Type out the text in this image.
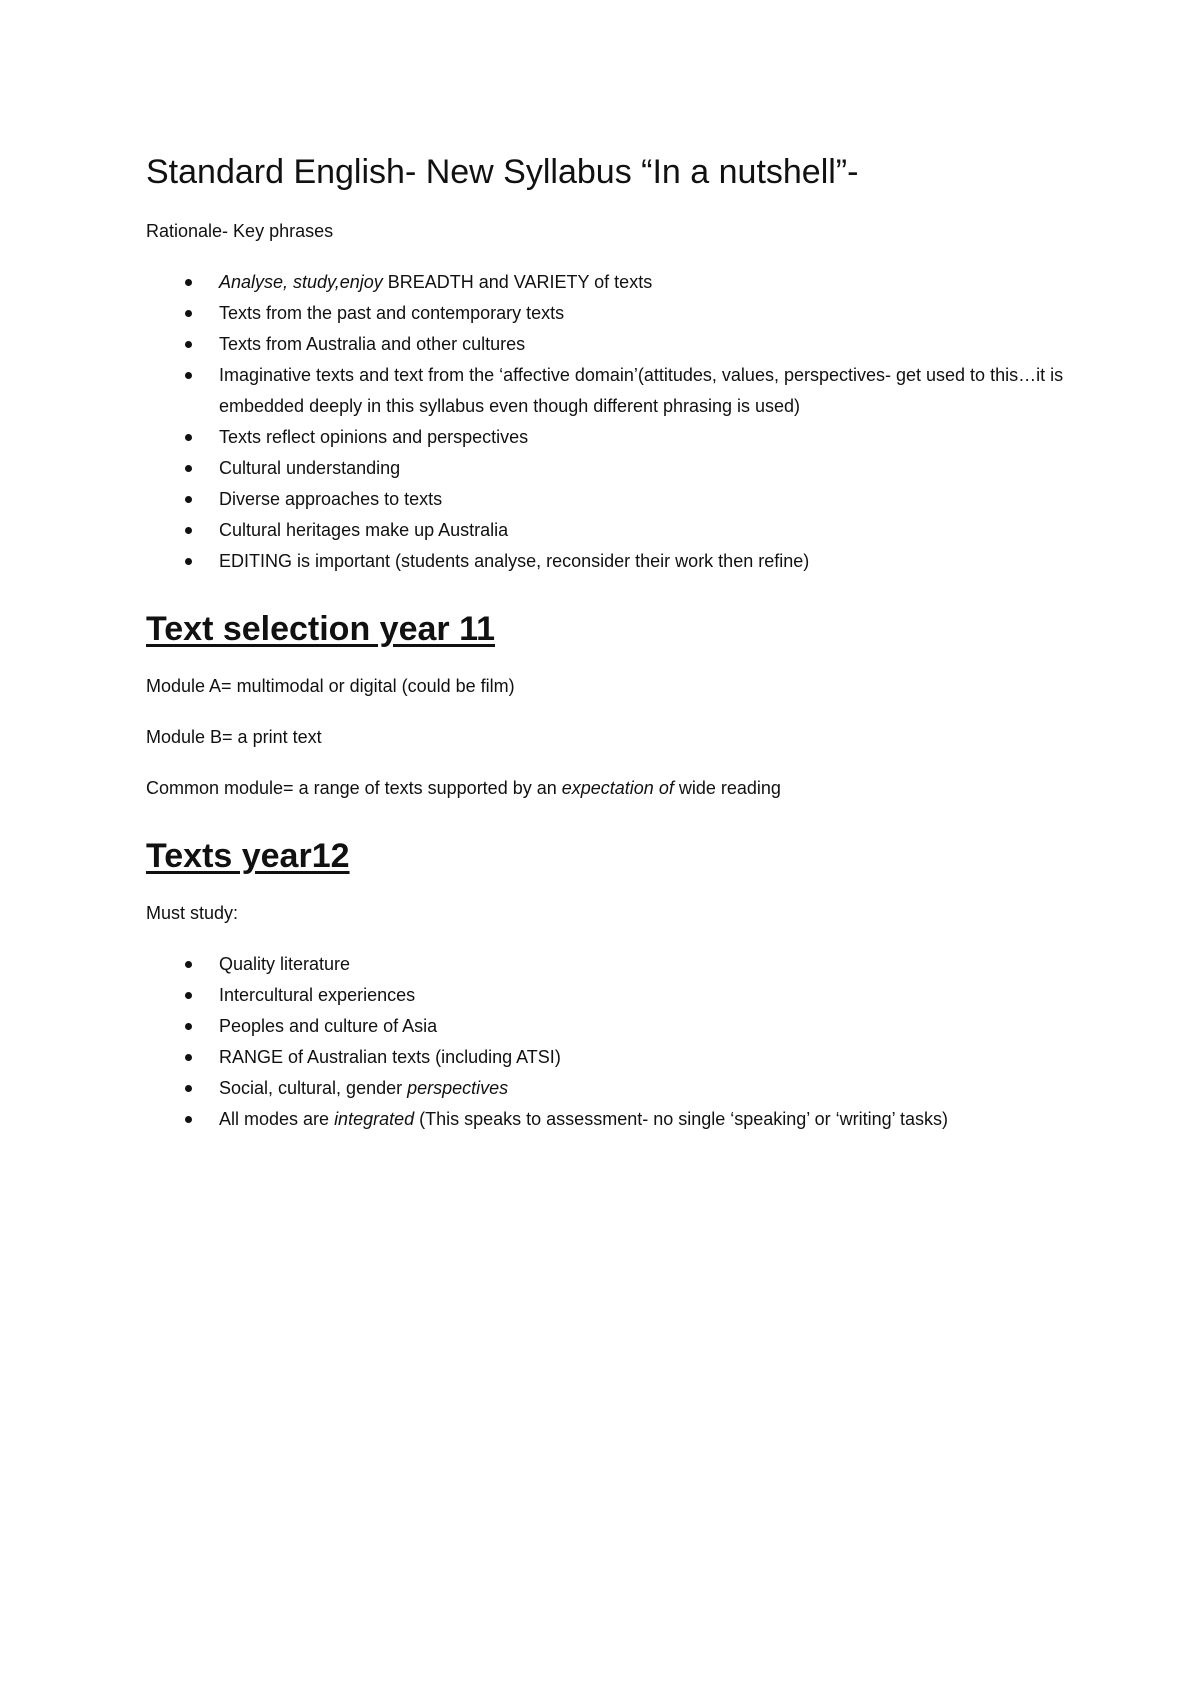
Standard English- New Syllabus “In a nutshell”-

Rationale- Key phrases

Analyse, study,enjoy BREADTH and VARIETY of texts
Texts from the past and contemporary texts
Texts from Australia and other cultures
Imaginative texts and text from the ‘affective domain’(attitudes, values, perspectives- get used to this…it is embedded deeply in this syllabus even though different phrasing is used)
Texts reflect opinions and perspectives
Cultural understanding
Diverse approaches to texts
Cultural heritages make up Australia
EDITING is important (students analyse, reconsider their work then refine)
Text selection year 11

Module A= multimodal or digital (could be film)

Module B= a print text

Common module= a range of texts supported by an expectation of wide reading

Texts year12

Must study:

Quality literature
Intercultural experiences
Peoples and culture of Asia
RANGE of Australian texts (including ATSI)
Social, cultural, gender perspectives
All modes are integrated (This speaks to assessment- no single ‘speaking’ or ‘writing’ tasks)
